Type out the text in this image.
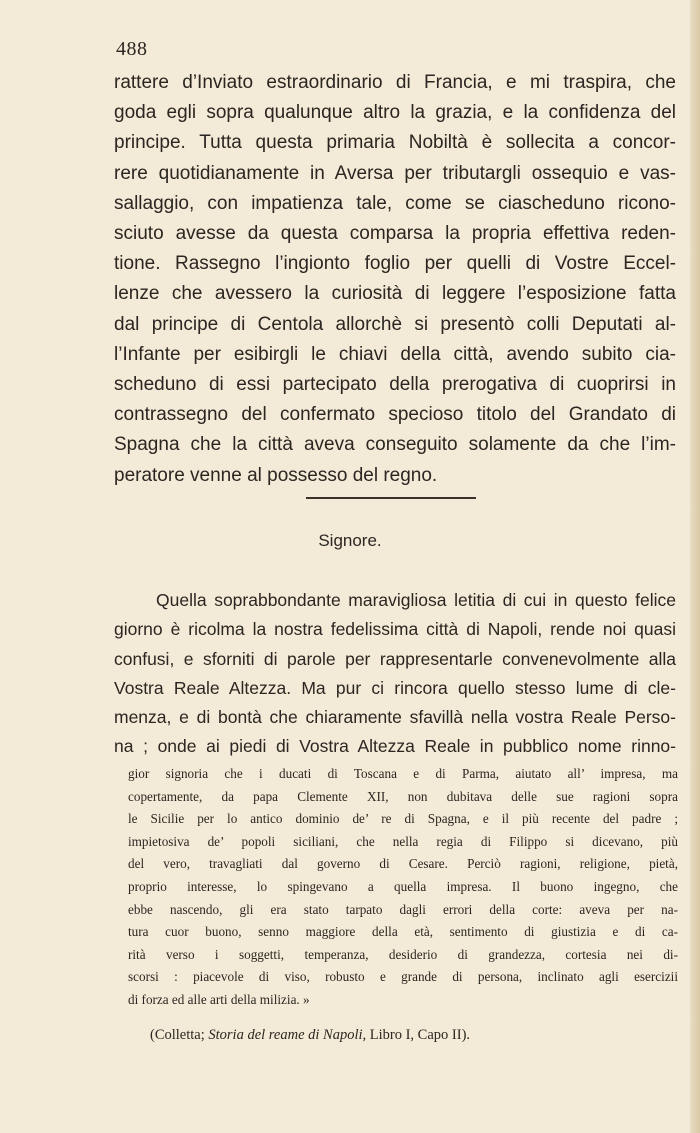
488
rattere d’Inviato estraordinario di Francia, e mi traspira, che
goda egli sopra qualunque altro la grazia, e la confidenza del
principe. Tutta questa primaria Nobiltà è sollecita a concor-
rere quotidianamente in Aversa per tributargli ossequio e vas-
sallaggio, con impatienza tale, come se ciascheduno ricono-
sciuto avesse da questa comparsa la propria effettiva reden-
tione. Rassegno l’ingionto foglio per quelli di Vostre Eccel-
lenze che avessero la curiosità di leggere l’esposizione fatta
dal principe di Centola allorchè si presentò colli Deputati al-
l’Infante per esibirgli le chiavi della città, avendo subito cia-
scheduno di essi partecipato della prerogativa di cuoprirsi in
contrassegno del confermato specioso titolo del Grandato di
Spagna che la città aveva conseguito solamente da che l’im-
peratore venne al possesso del regno.
Signore.
Quella soprabbondante maravigliosa letitia di cui in questo felice
giorno è ricolma la nostra fedelissima città di Napoli, rende noi quasi
confusi, e sforniti di parole per rappresentarle convenevolmente alla
Vostra Reale Altezza. Ma pur ci rincora quello stesso lume di cle-
menza, e di bontà che chiaramente sfavillà nella vostra Reale Perso-
na ; onde ai piedi di Vostra Altezza Reale in pubblico nome rinno-
gior signoria che i ducati di Toscana e di Parma, aiutato all’ impresa, ma
copertamente, da papa Clemente XII, non dubitava delle sue ragioni sopra
le Sicilie per lo antico dominio de’ re di Spagna, e il più recente del padre ;
impietosiva de’ popoli siciliani, che nella regia di Filippo si dicevano, più
del vero, travagliati dal governo di Cesare. Perciò ragioni, religione, pietà,
proprio interesse, lo spingevano a quella impresa. Il buono ingegno, che
ebbe nascendo, gli era stato tarpato dagli errori della corte: aveva per na-
tura cuor buono, senno maggiore della età, sentimento di giustizia e di ca-
rità verso i soggetti, temperanza, desiderio di grandezza, cortesia nei di-
scorsi : piacevole di viso, robusto e grande di persona, inclinato agli esercizii
di forza ed alle arti della milizia. »
(Colletta; Storia del reame di Napoli, Libro I, Capo II).
